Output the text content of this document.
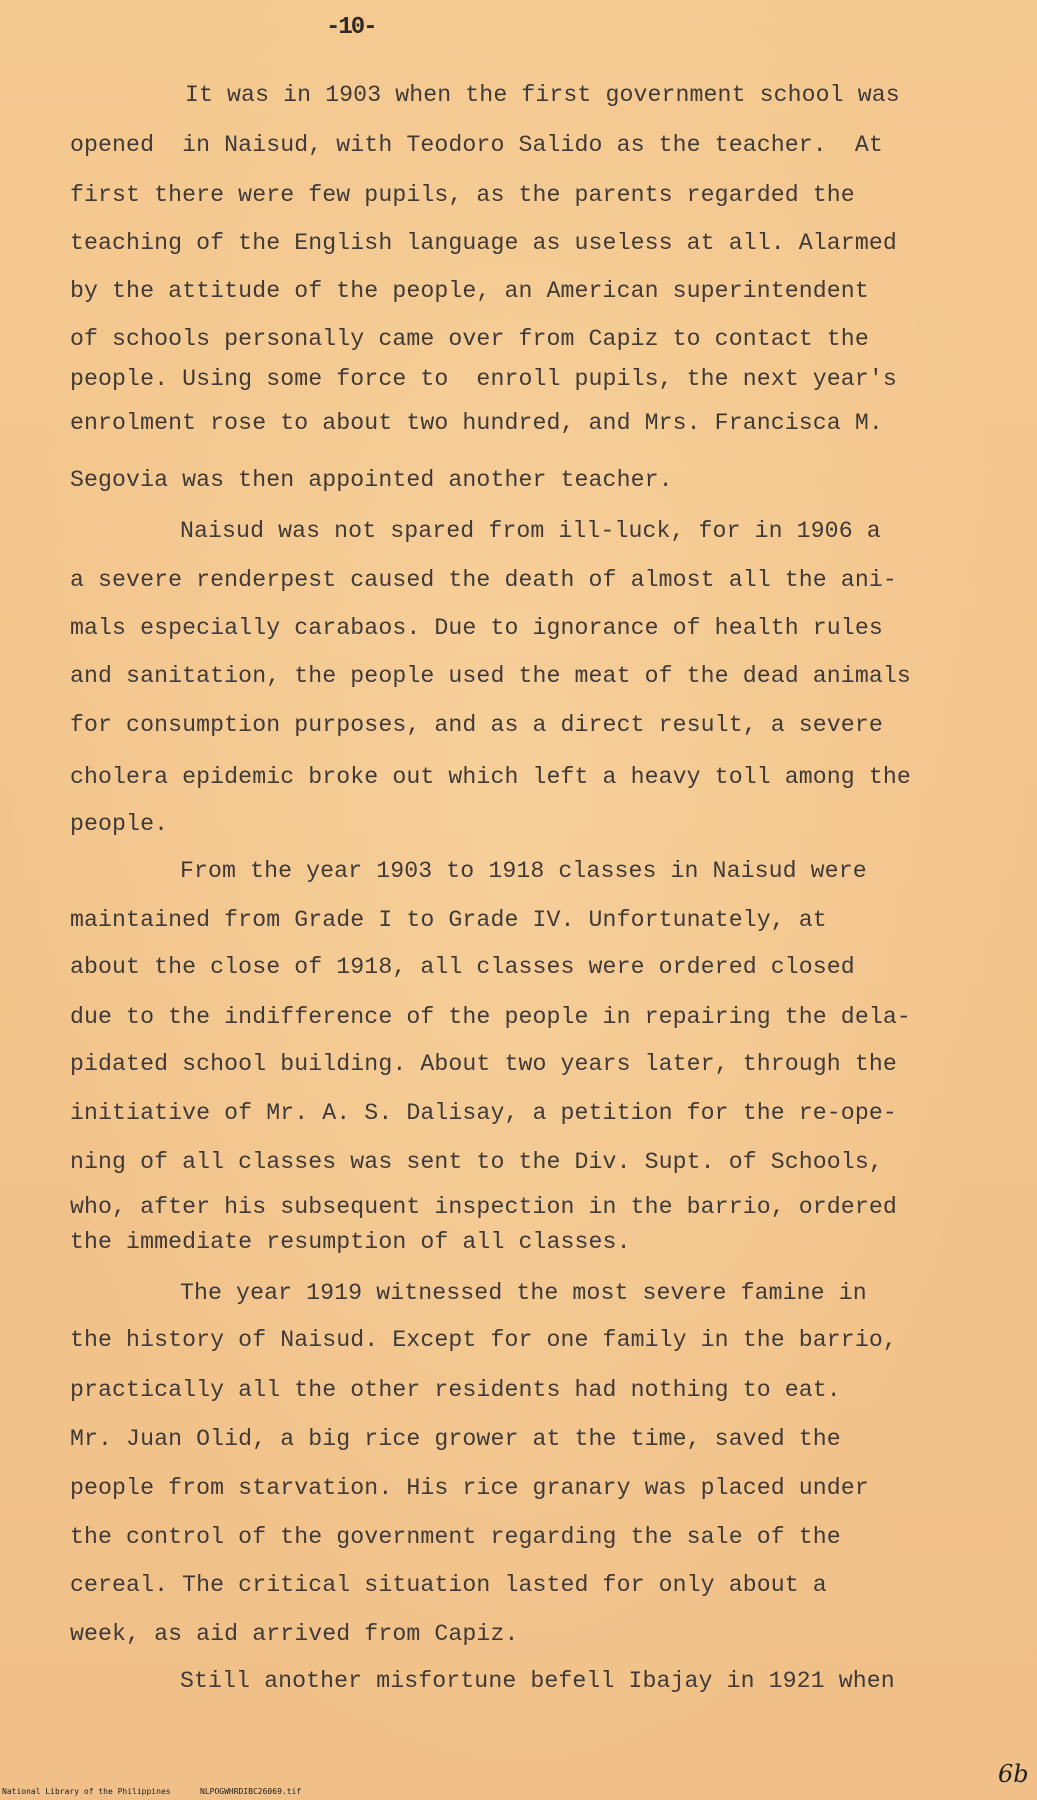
-10-
It was in 1903 when the first government school was
opened  in Naisud, with Teodoro Salido as the teacher.  At
first there were few pupils, as the parents regarded the
teaching of the English language as useless at all. Alarmed
by the attitude of the people, an American superintendent
of schools personally came over from Capiz to contact the
people. Using some force to  enroll pupils, the next year's
enrolment rose to about two hundred, and Mrs. Francisca M.
Segovia was then appointed another teacher.
Naisud was not spared from ill-luck, for in 1906 a
a severe renderpest caused the death of almost all the ani-
mals especially carabaos. Due to ignorance of health rules
and sanitation, the people used the meat of the dead animals
for consumption purposes, and as a direct result, a severe
cholera epidemic broke out which left a heavy toll among the
people.
From the year 1903 to 1918 classes in Naisud were
maintained from Grade I to Grade IV. Unfortunately, at
about the close of 1918, all classes were ordered closed
due to the indifference of the people in repairing the dela-
pidated school building. About two years later, through the
initiative of Mr. A. S. Dalisay, a petition for the re-ope-
ning of all classes was sent to the Div. Supt. of Schools,
who, after his subsequent inspection in the barrio, ordered
the immediate resumption of all classes.
The year 1919 witnessed the most severe famine in
the history of Naisud. Except for one family in the barrio,
practically all the other residents had nothing to eat.
Mr. Juan Olid, a big rice grower at the time, saved the
people from starvation. His rice granary was placed under
the control of the government regarding the sale of the
cereal. The critical situation lasted for only about a
week, as aid arrived from Capiz.
Still another misfortune befell Ibajay in 1921 when
6b
National Library of the Philippines	NLPOGWHRDIBC26069.tif
